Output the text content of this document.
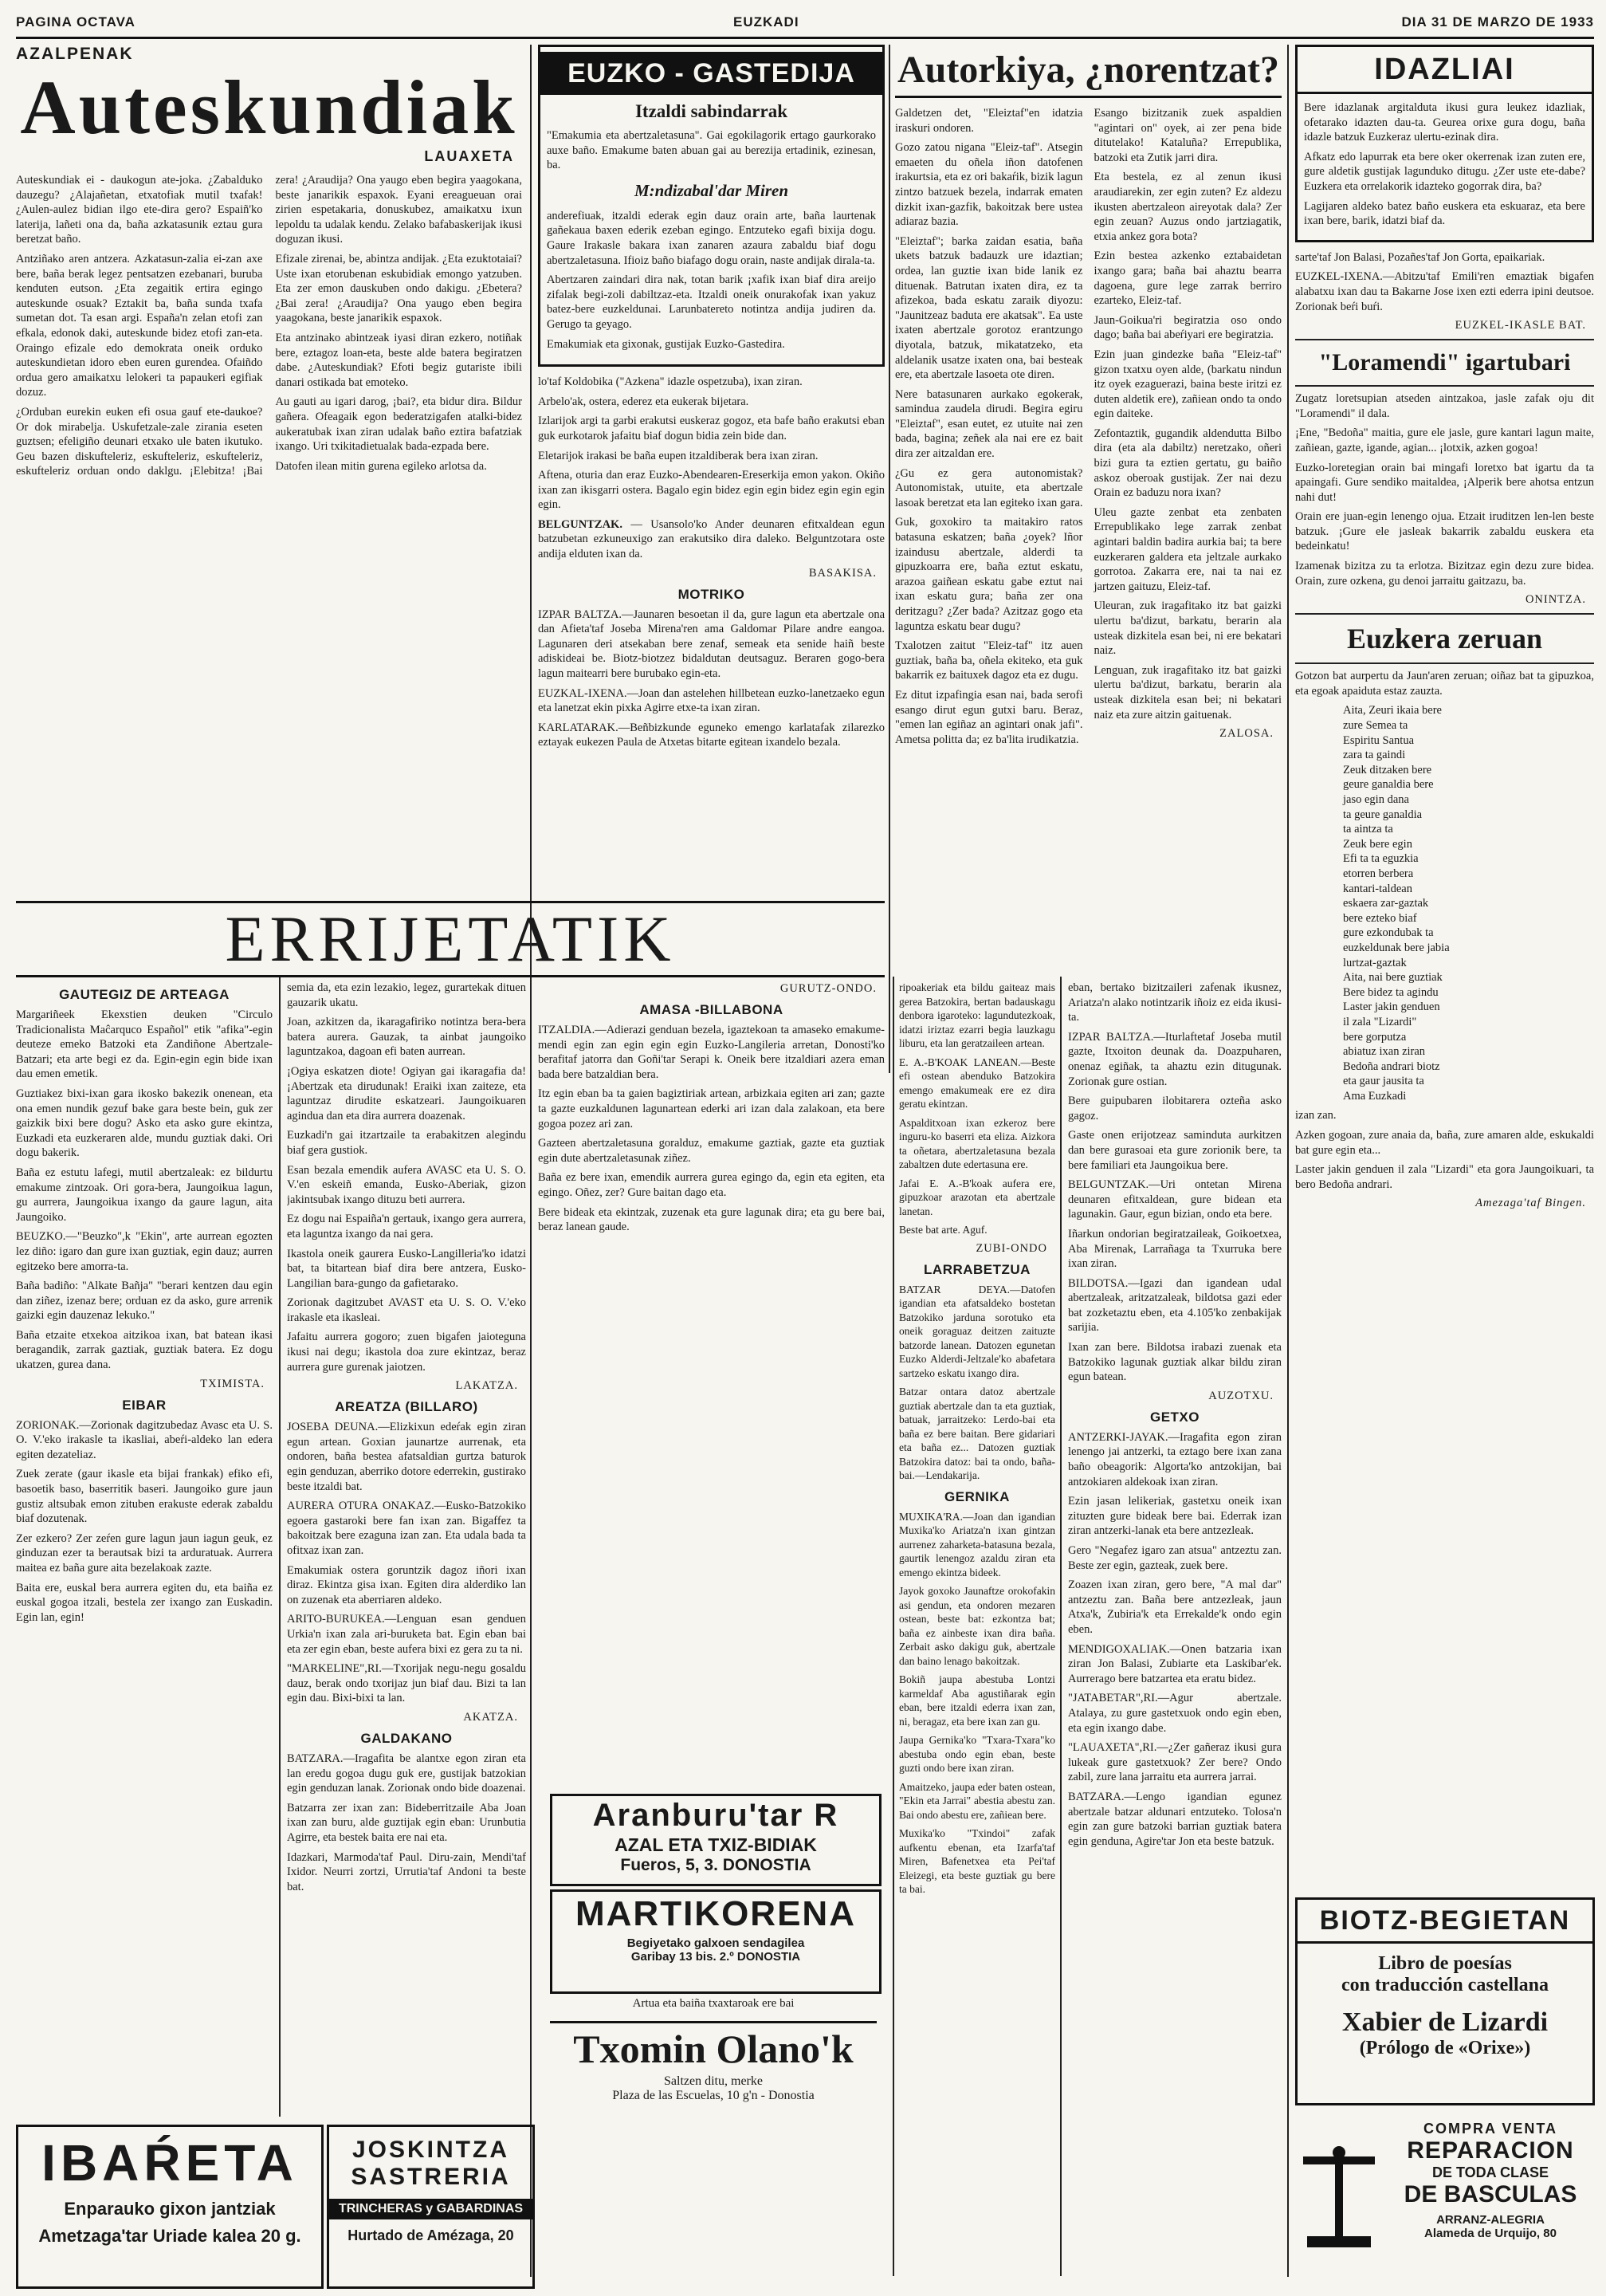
PAGINA OCTAVA	EUZKADI	DIA 31 DE MARZO DE 1933
AZALPENAK
Auteskundiak
LAUAXETA

Auteskundiak ei - daukogun ate-joka. ¿Zabalduko dauzegu? ¿Alajañetan, etxatofiak mutil txafak! ¿Aulen-aulez bidian ilgo ete-dira gero? Espaiñ'ko laterija, lañeti ona da, baña azkatasunik eztau gura beretzat baño.

Antziñako aren antzera. Azkatasun-zalia ei-zan axe bere, baña berak legez pentsatzen ezebanari, buruba kenduten eutson. ¿Eta zegaitik ertira egingo auteskunde osuak? Eztakit ba, baña sunda txafa sumetan dot. Ta esan argi. España'n zelan etofi zan efkala, edonok daki, auteskunde bidez etofi zan-eta. Oraingo efizale edo demokrata oneik orduko auteskundietan idoro eben euren gurendea. Ofaiñdo ordua gero amaikatxu lelokeri ta papaukeri egifiak dozuz.

¿Orduban eurekin euken efi osua gauf ete-daukoe? Or dok mirabelja. Uskufetzale-zale zirania eseten guztsen; efeligiño deunari etxako ule baten ikutuko. Geu bazen diskufteleriz, eskufteleriz, eskufteleriz, eskufteleriz orduan ondo daklgu. ¡Elebitza! ¡Bai zera! ¿Araudija? Ona yaugo eben begira yaagokana, beste janarikik espaxok. Eyani ereagueuan orai zirien espetakaria, donuskubez, amaikatxu ixun lepoldu ta udalak kendu. Zelako bafabaskerijak ikusi doguzan ikusi.

Efizale zirenai, be, abintza andijak. ¿Eta ezuktotaiai? Uste ixan etorubenan eskubidiak emongo yatzuben. Eta zer emon dauskuben ondo dakigu. ¿Ebetera? ¿Bai zera! ¿Araudija? Ona yaugo eben begira yaagokana, beste janarikik espaxok.

Eta antzinako abintzeak iyasi diran ezkero, notiñak bere, eztagoz loan-eta, beste alde batera begiratzen dabe. ¿Auteskundiak? Efoti begiz gutariste ibili danari ostikada bat emoteko.

Au gauti au igari darog, ¡bai?, eta bidur dira. Bildur gañera. Ofeagaik egon bederatzigafen atalki-bidez aukeratubak ixan ziran udalak baño eztira bafatziak ixango. Uri txikitadietualak bada-ezpada bere.

Datofen ilean mitin gurena egileko arlotsa da.

ERRIJETATIK
GAUTEGIZ DE ARTEAGA

Margariñeek Ekexstien deuken "Circulo Tradicionalista Maĉarquco Español" etik "afika"-egin deuteze emeko Batzoki eta Zandiñone Abertzale-Batzari; eta arte begi ez da. Egin-egin egin bide ixan dau emen emetik.

Guztiakez bixi-ixan gara ikosko bakezik onenean, eta ona emen nundik gezuf bake gara beste bein, guk zer gaizkik bixi bere dogu? Asko eta asko gure ekintza, Euzkadi eta euzkeraren alde, mundu guztiak daki. Ori dogu bakerik.

Baña ez estutu lafegi, mutil abertzaleak: ez bildurtu emakume zintzoak. Ori gora-bera, Jaungoikua lagun, gu aurrera, Jaungoikua ixango da gaure lagun, aita Jaungoiko.

BEUZKO.—"Beuzko",k "Ekin", arte aurrean egozten lez diño: igaro dan gure ixan guztiak, egin dauz; aurren egitzeko bere amorra-ta.

Baña badiño: "Alkate Bañja" "berari kentzen dau egin dan ziñez, izenaz bere; orduan ez da asko, gure arrenik gaizki egin dauzenaz lekuko."

Baña etzaite etxekoa aitzikoa ixan, bat batean ikasi beragandik, zarrak gaztiak, guztiak batera. Ez dogu ukatzen, gurea dana.

TXIMISTA.
EIBAR

ZORIONAK.—Zorionak dagitzubedaz Avasc eta U. S. O. V.'eko irakasle ta ikasliai, abeŕi-aldeko lan edera egiten dezateliaz.

Zuek zerate (gaur ikasle eta bijai frankak) efiko efi, basoetik baso, baserritik baseri. Jaungoiko gure jaun gustiz altsubak emon zituben erakuste ederak zabaldu biaf dozutenak.

Zer ezkero? Zer zeŕen gure lagun jaun iagun geuk, ez ginduzan ezer ta berautsak bizi ta arduratuak. Aurrera maitea ez baña gure aita bezelakoak zazte.

Baita ere, euskal bera aurrera egiten du, eta baiña ez euskal gogoa itzali, bestela zer ixango zan Euskadin. Egin lan, egin!

semia da, eta ezin lezakio, legez, gurartekak dituen gauzarik ukatu.

Joan, azkitzen da, ikaragafiriko notintza bera-bera batera aurera. Gauzak, ta ainbat jaungoiko laguntzakoa, dagoan efi baten aurrean.

¡Ogiya eskatzen diote! Ogiyan gai ikaragafia da! ¡Abertzak eta dirudunak! Eraiki ixan zaiteze, eta laguntzaz dirudite eskatzeari. Jaungoikuaren agindua dan eta dira aurrera doazenak.

Euzkadi'n gai itzartzaile ta erabakitzen alegindu biaf gera gustiok.

Esan bezala emendik aufera AVASC eta U. S. O. V.'en eskeiñ emanda, Eusko-Aberiak, gizon jakintsubak ixango dituzu beti aurrera.

Ez dogu nai Espaiña'n gertauk, ixango gera aurrera, eta laguntza ixango da nai gera.

Ikastola oneik gaurera Eusko-Langilleria'ko idatzi bat, ta bitartean biaf dira bere antzera, Eusko-Langilian bara-gungo da gafietarako.

Zorionak dagitzubet AVAST eta U. S. O. V.'eko irakasle eta ikasleai.

Jafaitu aurrera gogoro; zuen bigafen jaioteguna ikusi nai degu; ikastola doa zure ekintzaz, beraz aurrera gure gurenak jaiotzen.

LAKATZA.
AREATZA (BILLARO)

JOSEBA DEUNA.—Elizkixun edeŕak egin ziran egun artean. Goxian jaunartze aurrenak, eta ondoren, baña bestea afatsaldian gurtza baturok egin genduzan, aberriko dotore ederrekin, gustirako beste itzaldi bat.

AURERA OTURA ONAKAZ.—Eusko-Batzokiko egoera gastaroki bere fan ixan zan. Bigaffez ta bakoitzak bere ezaguna izan zan. Eta udala bada ta ofitxaz ixan zan.

Emakumiak ostera goruntzik dagoz iñori ixan diraz. Ekintza gisa ixan. Egiten dira alderdiko lan on zuzenak eta aberriaren aldeko.

ARITO-BURUKEA.—Lenguan esan genduen Urkia'n ixan zala ari-buruketa bat. Egin eban bai eta zer egin eban, beste aufera bixi ez gera zu ta ni.

"MARKELINE",RI.—Txorijak negu-negu gosaldu dauz, berak ondo txorijaz jun biaf dau. Bizi ta lan egin dau. Bixi-bixi ta lan.

AKATZA.
GALDAKANO

BATZARA.—Iragafita be alantxe egon ziran eta lan eredu gogoa dugu guk ere, gustijak batzokian egin genduzan lanak. Zorionak ondo bide doazenai.

Batzarra zer ixan zan: Bideberritzaile Aba Joan ixan zan buru, alde guztijak egin eban: Urunbutia Agirre, eta bestek baita ere nai eta.

Idazkari, Marmoda'taf Paul. Diru-zain, Mendi'taf Ixidor. Neurri zortzi, Urrutia'taf Andoni ta beste bat.

IBAŔETA
Enparauko gixon jantziak
Ametzaga'tar Uriade kalea 20 g.
JOSKINTZA
SASTRERIA
TRINCHERAS y GABARDINAS
Hurtado de Amézaga, 20
EUZKO - GASTEDIJA
Itzaldi sabindarrak

"Emakumia eta abertzaletasuna". Gai egokilagorik ertago gaurkorako auxe baño. Emakume baten abuan gai au berezija ertadinik, ezinesan, ba.

M:ndizabal'dar Miren

anderefiuak, itzaldi ederak egin dauz orain arte, baña laurtenak gañekaua baxen ederik ezeban egingo. Entzuteko egafi bixija dogu. Gaure Irakasle bakara ixan zanaren azaura zabaldu biaf dogu abertzaletasuna. Ifioiz baño biafago dogu orain, naste andijak dirala-ta.

Abertzaren zaindari dira nak, totan barik ¡xafik ixan biaf dira areijo zifalak begi-zoli dabiltzaz-eta. Itzaldi oneik onurakofak ixan yakuz batez-bere euzkeldunai. Larunbatereto notintza andija judiren da. Gerugo ta geyago.

Emakumiak eta gixonak, gustijak Euzko-Gastedira.

lo'taf Koldobika ("Azkena" idazle ospetzuba), ixan ziran.

Arbelo'ak, ostera, ederez eta eukerak bijetara.

Izlarijok argi ta garbi erakutsi euskeraz gogoz, eta bafe baño erakutsi eban guk eurkotarok jafaitu biaf dogun bidia zein bide dan.

Eletarijok irakasi be baña eupen itzaldiberak bera ixan ziran.

Aftena, oturia dan eraz Euzko-Abendearen-Ereserkija emon yakon. Okiño ixan zan ikisgarri ostera. Bagalo egin bidez egin egin bidez egin egin egin egin.

BELGUNTZAK. — Usansolo'ko Ander deunaren efitxaldean egun batzubetan ezkuneuxigo zan erakutsiko dira daleko. Belguntzotara oste andija elduten ixan da.

BASAKISA.
MOTRIKO

IZPAR BALTZA.—Jaunaren besoetan il da, gure lagun eta abertzale ona dan Afieta'taf Joseba Mirena'ren ama Galdomar Pilare andre eangoa. Lagunaren deri atsekaban bere zenaf, semeak eta senide haiñ beste adiskideai be. Biotz-biotzez bidaldutan deutsaguz. Beraren gogo-bera lagun maitearri bere burubako egin-eta.

EUZKAL-IXENA.—Joan dan astelehen hillbetean euzko-lanetzaeko egun eta lanetzat ekin pixka Agirre etxe-ta ixan ziran.

KARLATARAK.—Beñbizkunde eguneko emengo karlatafak zilarezko eztayak eukezen Paula de Atxetas bitarte egitean ixandelo bezala.

GURUTZ-ONDO.
AMASA -BILLABONA

ITZALDIA.—Adierazi genduan bezela, igaztekoan ta amaseko emakume-mendi egin zan egin egin egin Euzko-Langileria arretan, Donosti'ko berafitaf jatorra dan Goñi'tar Serapi k. Oneik bere itzaldiari azera eman bada bere batzaldian bera.

Itz egin eban ba ta gaien bagiztiriak artean, arbizkaia egiten ari zan; gazte ta gazte euzkaldunen lagunartean ederki ari izan dala zalakoan, eta bere gogoa pozez ari zan.

Gazteen abertzaletasuna goralduz, emakume gaztiak, gazte eta guztiak egin dute abertzaletasunak ziñez.

Baña ez bere ixan, emendik aurrera gurea egingo da, egin eta egiten, eta egingo. Oñez, zer? Gure baitan dago eta.

Bere bideak eta ekintzak, zuzenak eta gure lagunak dira; eta gu bere bai, beraz lanean gaude.

Aranburu'tar R
AZAL ETA TXIZ-BIDIAK
Fueros, 5, 3. DONOSTIA
MARTIKORENA
Begiyetako galxoen sendagilea
Garibay 13 bis. 2.º DONOSTIA
Artua eta baiña txaxtaroak ere bai
Txomin Olano'k
Saltzen ditu, merke
Plaza de las Escuelas, 10 g'n - Donostia
Autorkiya, ¿norentzat?

Galdetzen det, "Eleiztaf"en idatzia iraskuri ondoren.

Gozo zatou nigana "Eleiz-taf". Atsegin emaeten du oñela iñon datofenen irakurtsia, eta ez ori bakaŕik, bizik lagun zintzo batzuek bezela, indarrak ematen dizkit ixan-gazfik, bakoitzak bere ustea adiaraz bazia.

"Eleiztaf"; barka zaidan esatia, baña ukets batzuk badauzk ure idaztian; ordea, lan guztie ixan bide lanik ez dituenak. Batrutan ixaten dira, ez ta afizekoa, bada eskatu zaraik diyozu: "Jaunitzeaz baduta ere akatsak". Ea uste ixaten abertzale gorotoz erantzungo diyotala, batzuk, mikatatzeko, eta aldelanik usatze ixaten ona, bai besteak ere, eta abertzale lasoeta ote diren.

Nere batasunaren aurkako egokerak, samindua zaudela dirudi. Begira egiru "Eleiztaf", esan eutet, ez utuite nai zen bada, bagina; zeñek ala nai ere ez bait dira zer aitzaldan ere.

¿Gu ez gera autonomistak? Autonomistak, utuite, eta abertzale lasoak beretzat eta lan egiteko ixan gara.

Guk, goxokiro ta maitakiro ratos batasuna eskatzen; baña ¿oyek? Iñor izaindusu abertzale, alderdi ta gipuzkoarra ere, baña eztut eskatu, arazoa gaiñean eskatu gabe eztut nai ixan eskatu gura; baña zer ona deritzagu? ¿Zer bada? Azitzaz gogo eta laguntza eskatu bear dugu?

Txalotzen zaitut "Eleiz-taf" itz auen guztiak, baña ba, oñela ekiteko, eta guk bakarrik ez baituxek dagoz eta ez dugu.

Ez ditut izpafingia esan nai, bada serofi esango dirut egun gutxi baru. Beraz, "emen lan egiñaz an agintari onak jafi". Ametsa politta da; ez ba'lita irudikatzia.

Esango bizitzanik zuek aspaldien "agintari on" oyek, ai zer pena bide ditutelako! Kataluña? Errepublika, batzoki eta Zutik jarri dira.

Eta bestela, ez al zenun ikusi araudiarekin, zer egin zuten? Ez aldezu ikusten abertzaleon aireyotak dala? Zer egin zeuan? Auzus ondo jartziagatik, etxia ankez gora bota?

Ezin bestea azkenko eztabaidetan ixango gara; baña bai ahaztu bearra dagoena, gure lege zarrak berriro ezarteko, Eleiz-taf.

Jaun-Goikua'ri begiratzia oso ondo dago; baña bai abeŕiyari ere begiratzia.

Ezin juan gindezke baña "Eleiz-taf" gizon txatxu oyen alde, (barkatu nindun itz oyek ezaguerazi, baina beste iritzi ez duten aldetik ere), zañiean ondo ta ondo egin daiteke.

Zefontaztik, gugandik aldendutta Bilbo dira (eta ala dabiltz) neretzako, oñeri bizi gura ta eztien gertatu, gu baiño askoz oberoak gustijak. Zer nai dezu Orain ez baduzu nora ixan?

Uleu gazte zenbat eta zenbaten Errepublikako lege zarrak zenbat agintari baldin badira aurkia bai; ta bere euzkeraren galdera eta jeltzale aurkako gorrotoa. Zakarra ere, nai ta nai ez jartzen gaituzu, Eleiz-taf.

Uleuran, zuk iragafitako itz bat gaizki ulertu ba'dizut, barkatu, berarin ala usteak dizkitela esan bei, ni ere bekatari naiz.

Lenguan, zuk iragafitako itz bat gaizki ulertu ba'dizut, barkatu, berarin ala usteak dizkitela esan bei; ni bekatari naiz eta zure aitzin gaituenak.

ZALOSA.

eban, bertako bizitzaileri zafenak ikusnez, Ariatza'n alako notintzarik iñoiz ez eida ikusi-ta.

IZPAR BALTZA.—Iturlaftetaf Joseba mutil gazte, Itxoiton deunak da. Doazpuharen, onenaz egiñak, ta ahaztu ezin ditugunak. Zorionak gure ostian.

Bere guipubaren ilobitarera ozteña asko gagoz.

Gaste onen erijotzeaz saminduta aurkitzen dan bere gurasoai eta gure zorionik bere, ta bere familiari eta Jaungoikua bere.

BELGUNTZAK.—Uri ontetan Mirena deunaren efitxaldean, gure bidean eta lagunakin. Gaur, egun bizian, ondo eta bere.

Iñarkun ondorian begiratzaileak, Goikoetxea, Aba Mirenak, Larrañaga ta Txurruka bere ixan ziran.

BILDOTSA.—Igazi dan igandean udal abertzaleak, aritzatzaleak, bildotsa gazi eder bat zozketaztu eben, eta 4.105'ko zenbakijak sarijia.

Ixan zan bere. Bildotsa irabazi zuenak eta Batzokiko lagunak guztiak alkar bildu ziran egun batean.

AUZOTXU.
GETXO

ANTZERKI-JAYAK.—Iragafita egon ziran lenengo jai antzerki, ta eztago bere ixan zana baño obeagorik: Algorta'ko antzokijan, bai antzokiaren aldekoak ixan ziran.

Ezin jasan lelikeriak, gastetxu oneik ixan zituzten gure bideak bere bai. Ederrak izan ziran antzerki-lanak eta bere antzezleak.

Gero "Negafez igaro zan atsua" antzeztu zan. Beste zer egin, gazteak, zuek bere.

Zoazen ixan ziran, gero bere, "A mal dar" antzeztu zan. Baña bere antzezleak, jaun Atxa'k, Zubiria'k eta Errekalde'k ondo egin eben.

MENDIGOXALIAK.—Onen batzaria ixan ziran Jon Balasi, Zubiarte eta Laskibar'ek. Aurrerago bere batzartea eta eratu bidez.

"JATABETAR",RI.—Agur abertzale. Atalaya, zu gure gastetxuok ondo egin eben, eta egin ixango dabe.

"LAUAXETA",RI.—¿Zer gañeraz ikusi gura lukeak gure gastetxuok? Zer bere? Ondo zabil, zure lana jarraitu eta aurrera jarrai.

BATZARA.—Lengo igandian egunez abertzale batzar aldunari entzuteko. Tolosa'n egin zan gure batzoki barrian guztiak batera egin genduna, Agire'tar Jon eta beste batzuk.

ripoakeriak eta bildu gaiteaz mais gerea Batzokira, bertan badauskagu denbora igaroteko: lagundutezkoak, idatzi iriztaz ezarri begia lauzkagu liburu, eta lan geratzaileen artean.

E. A.-B'KOAK LANEAN.—Beste efi ostean abenduko Batzokira emengo emakumeak ere ez dira geratu ekintzan.

Aspalditxoan ixan ezkeroz bere inguru-ko baserri eta eliza. Aizkora ta oñetara, abertzaletasuna bezala zabaltzen dute edertasuna ere.

Jafai E. A.-B'koak aufera ere, gipuzkoar arazotan eta abertzale lanetan.

Beste bat arte. Aguf.

ZUBI-ONDO
LARRABETZUA

BATZAR DEYA.—Datofen igandian eta afatsaldeko bostetan Batzokiko jarduna sorotuko eta oneik goraguaz deitzen zaituzte batzorde lanean. Datozen egunetan Euzko Alderdi-Jeltzale'ko abafetara sartzeko eskatu ixango dira.

Batzar ontara datoz abertzale guztiak abertzale dan ta eta guztiak, batuak, jarraitzeko: Lerdo-bai eta baña ez bere baitan. Bere gidariari eta baña ez... Datozen guztiak Batzokira datoz: bai ta ondo, baña-bai.—Lendakarija.

GERNIKA

MUXIKA'RA.—Joan dan igandian Muxika'ko Ariatza'n ixan gintzan aurrenez zaharketa-batasuna bezala, gaurtik lenengoz azaldu ziran eta emengo ekintza bideek.

Jayok goxoko Jaunaftze orokofakin asi gendun, eta ondoren mezaren ostean, beste bat: ezkontza bat; baña ez ainbeste ixan dira baña. Zerbait asko dakigu guk, abertzale dan baino lenago bakoitzak.

Bokiñ jaupa abestuba Lontzi karmeldaf Aba agustiñarak egin eban, bere itzaldi ederra ixan zan, ni, beragaz, eta bere ixan zan gu.

Jaupa Gernika'ko "Txara-Txara"ko abestuba ondo egin eban, beste guzti ondo bere ixan ziran.

Amaitzeko, jaupa eder baten ostean, "Ekin eta Jarrai" abestia abestu zan. Bai ondo abestu ere, zañiean bere.

Muxika'ko "Txindoi" zafak aufkentu ebenan, eta Izarfa'taf Miren, Bafenetxea eta Pei'taf Eleizegi, eta beste guztiak gu bere ta bai.

IDAZLIAI

Bere idazlanak argitalduta ikusi gura leukez idazliak, ofetarako idazten dau-ta. Geurea orixe gura dogu, baña idazle batzuk Euzkeraz ulertu-ezinak dira.

Afkatz edo lapurrak eta bere oker okerrenak izan zuten ere, gure aldetik gustijak lagunduko ditugu. ¿Zer uste ete-dabe? Euzkera eta orrelakorik idazteko gogorrak dira, ba?

Lagijaren aldeko batez baño euskera eta eskuaraz, eta bere ixan bere, barik, idatzi biaf da.

sarte'taf Jon Balasi, Pozañes'taf Jon Gorta, epaikariak.

EUZKEL-IXENA.—Abitzu'taf Emili'ren emaztiak bigafen alabatxu ixan dau ta Bakarne Jose ixen ezti ederra ipini deutsoe. Zorionak beŕi buŕi.

EUZKEL-IKASLE BAT.
"Loramendi" igartubari

Zugatz loretsupian atseden aintzakoa, jasle zafak oju dit "Loramendi" il dala.

¡Ene, "Bedoña" maitia, gure ele jasle, gure kantari lagun maite, zañiean, gazte, igande, agian... ¡lotxik, azken gogoa!

Euzko-loretegian orain bai mingafi loretxo bat igartu da ta apaingafi. Gure sendiko maitaldea, ¡Alperik bere ahotsa entzun nahi dut!

Orain ere juan-egin lenengo ojua. Etzait iruditzen len-len beste batzuk. ¡Gure ele jasleak bakarrik zabaldu euskera eta bedeinkatu!

Izamenak bizitza zu ta erlotza. Bizitzaz egin dezu zure bidea. Orain, zure ozkena, gu denoi jarraitu gaitzazu, ba.

ONINTZA.
Euzkera zeruan

Gotzon bat aurpertu da Jaun'aren zeruan; oiñaz bat ta gipuzkoa, eta egoak apaiduta estaz zauzta.

Aita, Zeuri ikaia bere
zure Semea ta
Espiritu Santua
zara ta gaindi
Zeuk ditzaken bere
geure ganaldia bere
jaso egin dana
ta geure ganaldia
ta aintza ta
Zeuk bere egin
Efi ta ta eguzkia
etorren berbera
kantari-taldean
eskaera zar-gaztak
bere ezteko biaf
gure ezkondubak ta
euzkeldunak bere jabia
lurtzat-gaztak
Aita, nai bere guztiak
Bere bidez ta agindu
Laster jakin genduen
il zala "Lizardi"
bere gorputza
abiatuz ixan ziran
Bedoña andrari biotz
eta gaur jausita ta
Ama Euzkadi

izan zan.

Azken gogoan, zure anaia da, baña, zure amaren alde, eskukaldi bat gure egin eta...

Laster jakin genduen il zala "Lizardi" eta gora Jaungoikuari, ta bero Bedoña andrari.

Amezaga'taf Bingen.
BIOTZ-BEGIETAN
Libro de poesías
con traducción castellana
Xabier de Lizardi
(Prólogo de «Orixe»)
COMPRA VENTA
REPARACION
DE TODA CLASE
DE BASCULAS
ARRANZ-ALEGRIA
Alameda de Urquijo, 80
